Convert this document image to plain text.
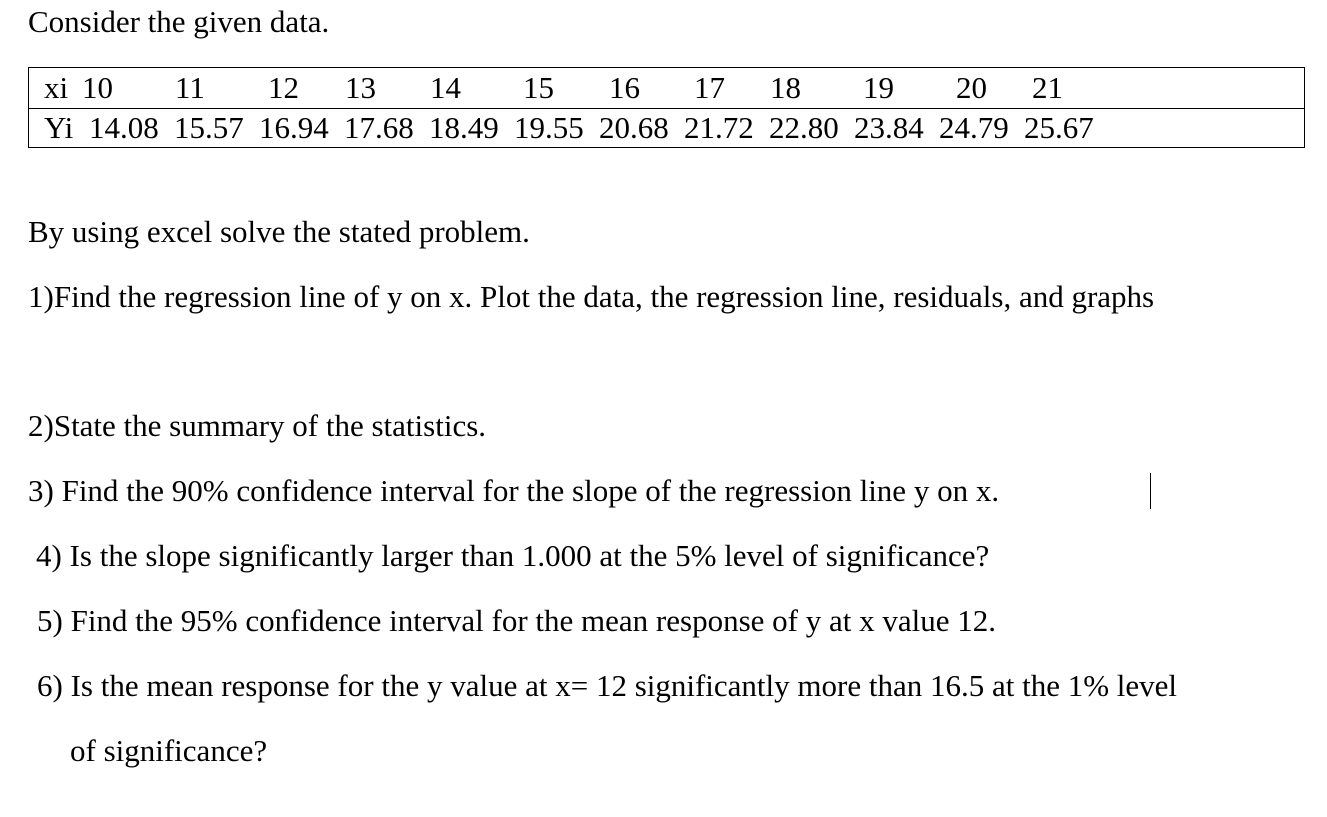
Consider the given data.
xi 10 11 12 13 14 15 16 17 18 19 20 21
Yi 14.08 15.57 16.94 17.68 18.49 19.55 20.68 21.72 22.80 23.84 24.79 25.67
By using excel solve the stated problem.
1)Find the regression line of y on x. Plot the data, the regression line, residuals, and graphs
2)State the summary of the statistics.
3) Find the 90% confidence interval for the slope of the regression line y on x.
4) Is the slope significantly larger than 1.000 at the 5% level of significance?
5) Find the 95% confidence interval for the mean response of y at x value 12.
6) Is the mean response for the y value at x= 12 significantly more than 16.5 at the 1% level
of significance?
